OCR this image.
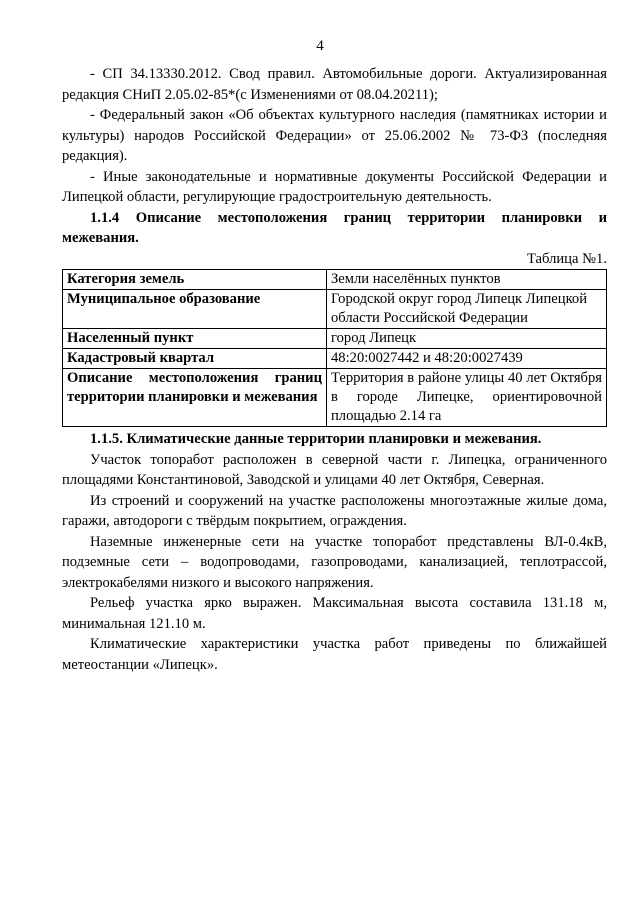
4

- СП 34.13330.2012. Свод правил. Автомобильные дороги. Актуализированная редакция СНиП 2.05.02-85*(с Изменениями от 08.04.20211);

- Федеральный закон «Об объектах культурного наследия (памятниках истории и культуры) народов Российской Федерации» от 25.06.2002 № 73-ФЗ (последняя редакция).

- Иные законодательные и нормативные документы Российской Федерации и Липецкой области, регулирующие градостроительную деятельность.

1.1.4 Описание местоположения границ территории планировки и межевания.

Таблица №1.

Категория земель	Земли населённых пунктов
Муниципальное образование	Городской округ город Липецк Липецкой области Российской Федерации
Населенный пункт	город Липецк
Кадастровый квартал	48:20:0027442 и 48:20:0027439
Описание местоположения границ территории планировки и межевания	Территория в районе улицы 40 лет Октября в городе Липецке, ориентировочной площадью 2.14 га

1.1.5. Климатические данные территории планировки и межевания.

Участок топоработ расположен в северной части г. Липецка, ограниченного площадями Константиновой, Заводской и улицами 40 лет Октября, Северная.

Из строений и сооружений на участке расположены многоэтажные жилые дома, гаражи, автодороги с твёрдым покрытием, ограждения.

Наземные инженерные сети на участке топоработ представлены ВЛ-0.4кВ, подземные сети – водопроводами, газопроводами, канализацией, теплотрассой, электрокабелями низкого и высокого напряжения.

Рельеф участка ярко выражен. Максимальная высота составила 131.18 м, минимальная 121.10 м.

Климатические характеристики участка работ приведены по ближайшей метеостанции «Липецк».
